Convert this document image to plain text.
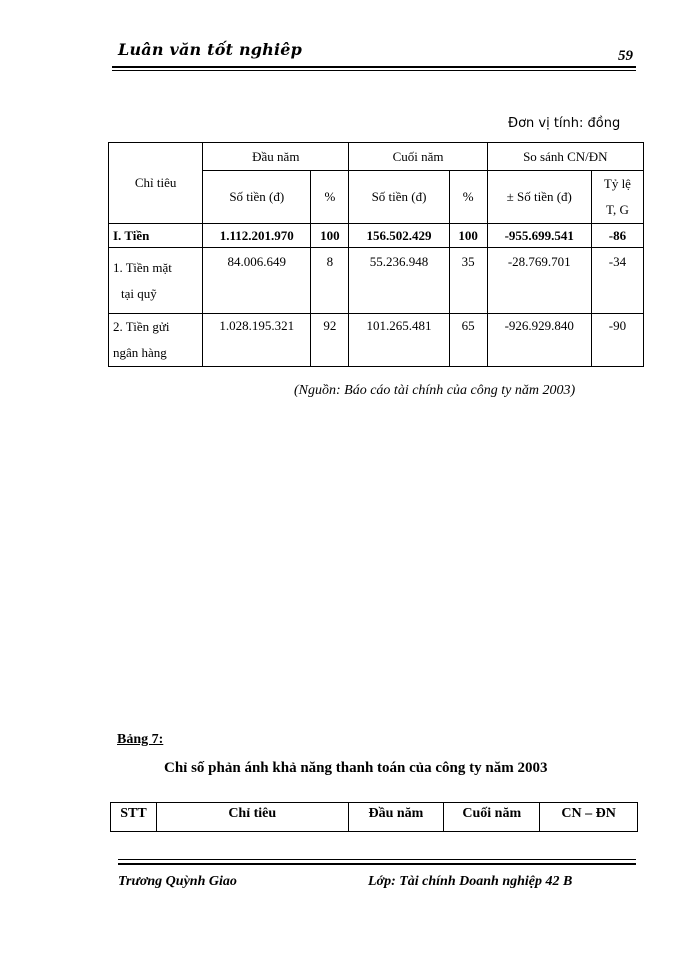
Luân văn tốt nghiêp	59
Đơn vị tính: đồng
Chỉ tiêu	Đầu năm		Cuối năm		So sánh CN/ĐN	
	Số tiền (đ)	%	Số tiền (đ)	%	± Số tiền (đ)	Tỷ lệ
T, G
I. Tiền	1.112.201.970	100	156.502.429	100	-955.699.541	-86
1. Tiền mặt
tại quỹ	84.006.649	8	55.236.948	35	-28.769.701	-34
2. Tiền gửi
ngân hàng	1.028.195.321	92	101.265.481	65	-926.929.840	-90
(Nguồn: Báo cáo tài chính của công ty năm 2003)
Bảng 7:
Chỉ số phản ánh khả năng thanh toán của công ty năm 2003
STT	Chỉ tiêu	Đầu năm	Cuối năm	CN – ĐN
Trương Quỳnh Giao	Lớp: Tài chính Doanh nghiệp 42 B
